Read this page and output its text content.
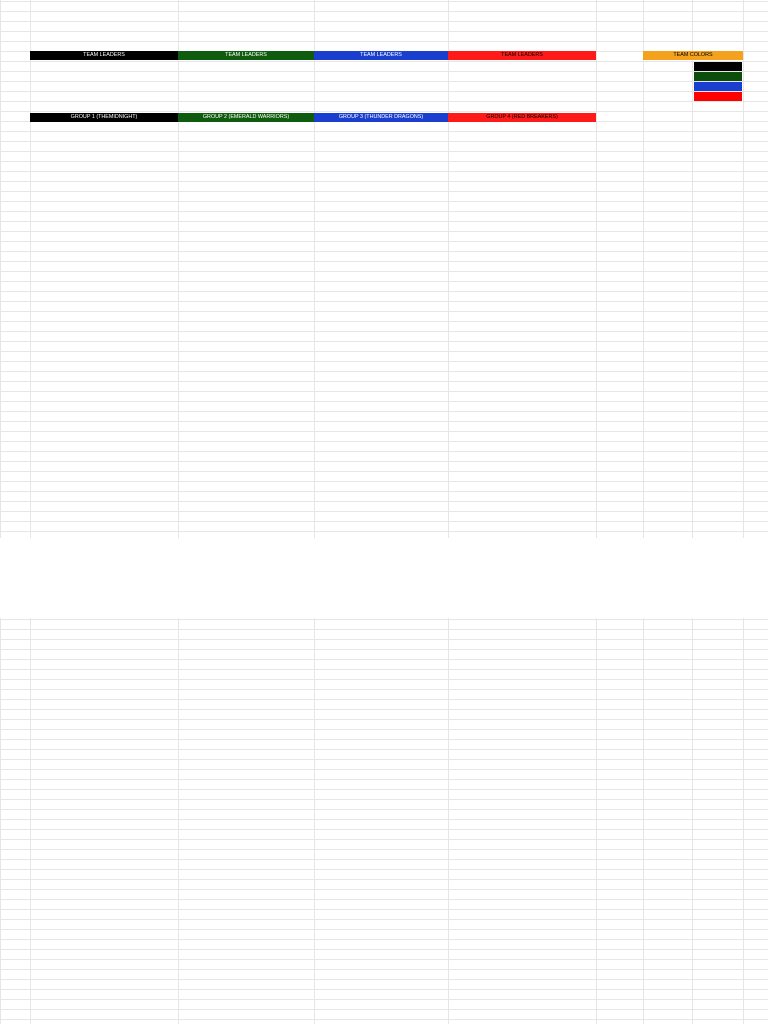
TEAM LEADERS	TEAM LEADERS	TEAM LEADERS	TEAM LEADERS	TEAM COLORS
GROUP 1 (THEMIDNIGHT)	GROUP 2 (EMERALD WARRIORS)	GROUP 3 (THUNDER DRAGONS)	GROUP 4 (RED BREAKERS)
